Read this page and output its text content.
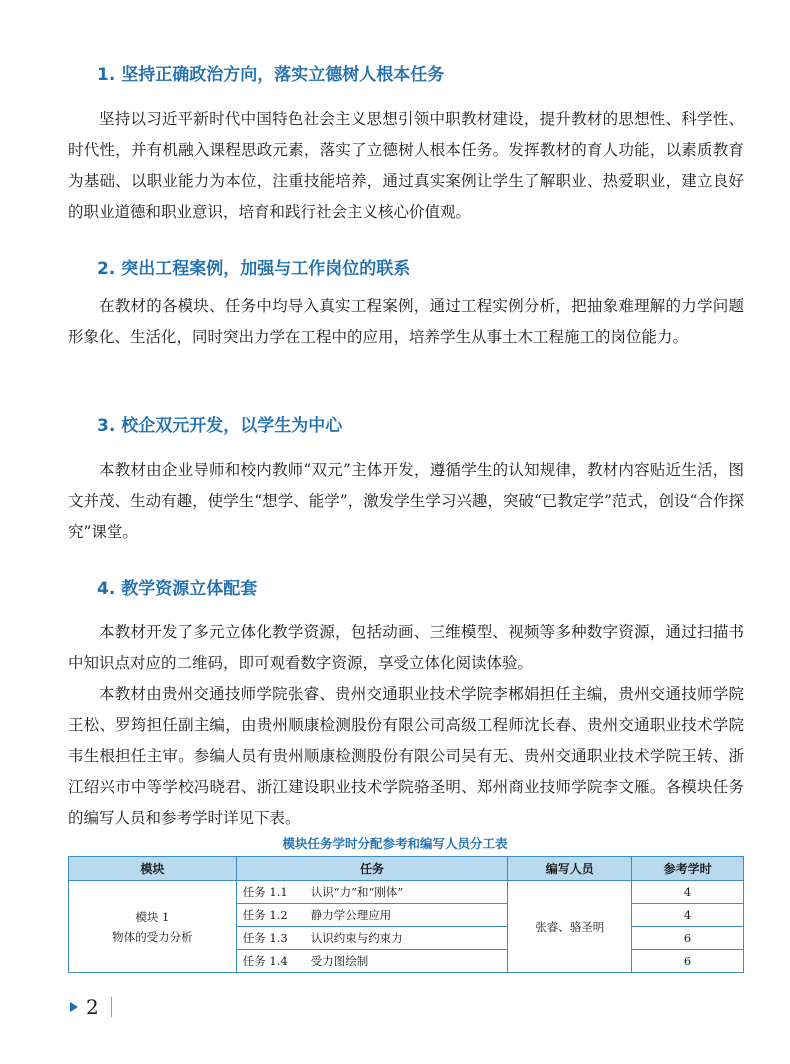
1. 坚持正确政治方向，落实立德树人根本任务

坚持以习近平新时代中国特色社会主义思想引领中职教材建设，提升教材的思想性、科学性、时代性，并有机融入课程思政元素，落实了立德树人根本任务。发挥教材的育人功能，以素质教育为基础、以职业能力为本位，注重技能培养，通过真实案例让学生了解职业、热爱职业，建立良好的职业道德和职业意识，培育和践行社会主义核心价值观。

2. 突出工程案例，加强与工作岗位的联系

在教材的各模块、任务中均导入真实工程案例，通过工程实例分析，把抽象难理解的力学问题形象化、生活化，同时突出力学在工程中的应用，培养学生从事土木工程施工的岗位能力。

3. 校企双元开发，以学生为中心

本教材由企业导师和校内教师“双元”主体开发，遵循学生的认知规律，教材内容贴近生活，图文并茂、生动有趣，使学生“想学、能学”，激发学生学习兴趣，突破“已教定学”范式，创设“合作探究”课堂。

4. 教学资源立体配套

本教材开发了多元立体化教学资源，包括动画、三维模型、视频等多种数字资源，通过扫描书中知识点对应的二维码，即可观看数字资源，享受立体化阅读体验。

本教材由贵州交通技师学院张睿、贵州交通职业技术学院李郴娟担任主编，贵州交通技师学院王松、罗筠担任副主编，由贵州顺康检测股份有限公司高级工程师沈长春、贵州交通职业技术学院韦生根担任主审。参编人员有贵州顺康检测股份有限公司吴有无、贵州交通职业技术学院王转、浙江绍兴市中等学校冯晓君、浙江建设职业技术学院骆圣明、郑州商业技师学院李文雁。各模块任务的编写人员和参考学时详见下表。

模块任务学时分配参考和编写人员分工表
模块	任务	编写人员	参考学时
模块 1
物体的受力分析	任务 1.1 认识“力”和“刚体”	张睿、骆圣明	4
	任务 1.2 静力学公理应用		4
	任务 1.3 认识约束与约束力		6
	任务 1.4 受力图绘制		6
2
